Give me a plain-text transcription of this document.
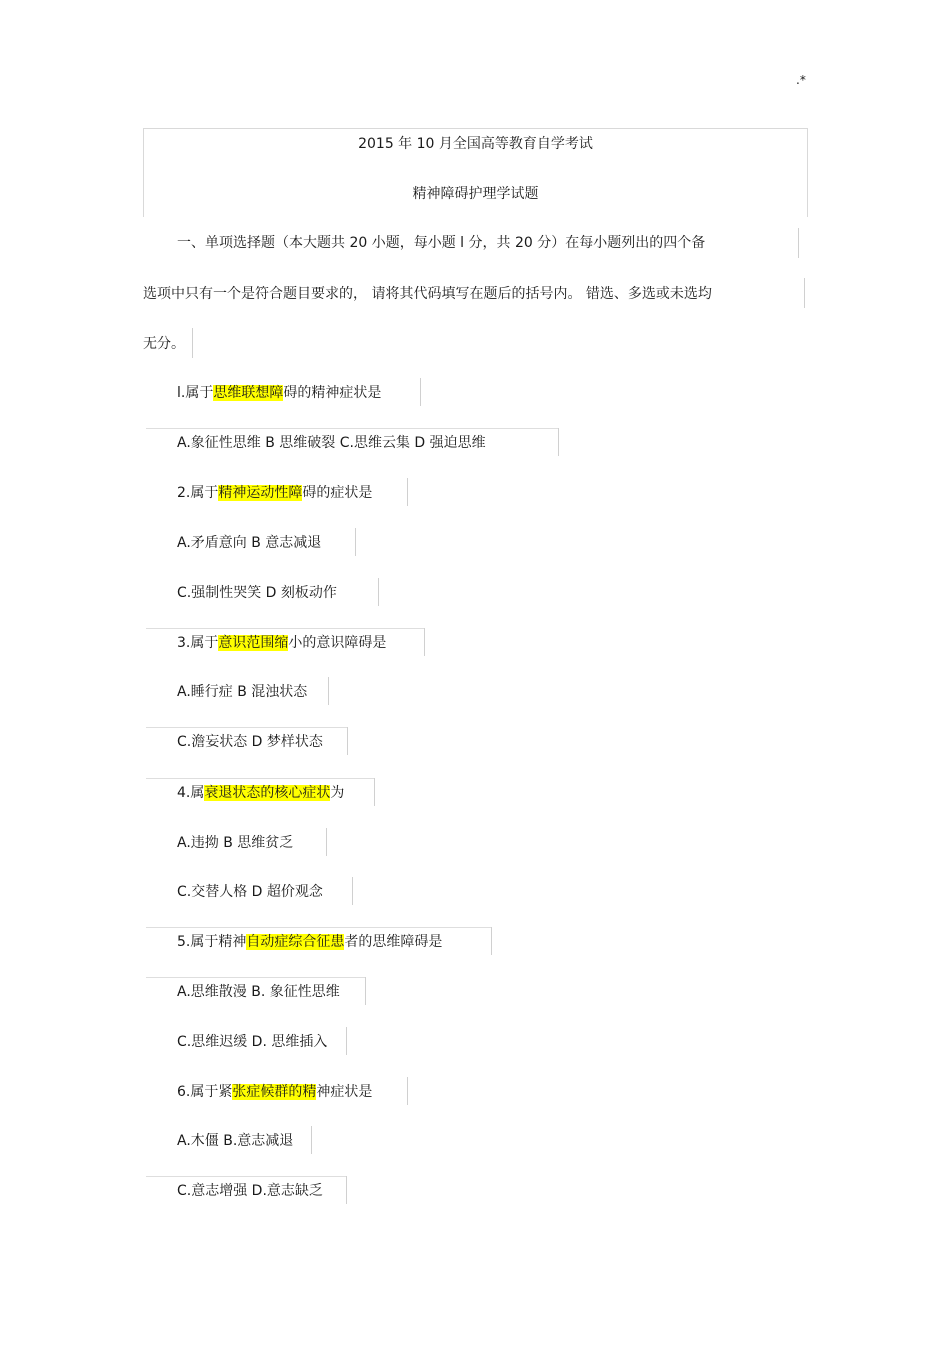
.*
2015 年 10 月全国高等教育自学考试
精神障碍护理学试题
一、单项选择题（本大题共 20 小题，每小题 l 分，共 20 分）在每小题列出的四个备
选项中只有一个是符合题目要求的， 请将其代码填写在题后的括号内。 错选、多选或未选均
无分。
l.属于思维联想障碍的精神症状是
A.象征性思维 B 思维破裂 C.思维云集 D 强迫思维
2.属于精神运动性障碍的症状是
A.矛盾意向 B 意志减退
C.强制性哭笑 D 刻板动作
3.属于意识范围缩小的意识障碍是
A.睡行症 B 混浊状态
C.澹妄状态 D 梦样状态
4.属衰退状态的核心症状为
A.违拗 B 思维贫乏
C.交替人格 D 超价观念
5.属于精神自动症综合征患者的思维障碍是
A.思维散漫 B. 象征性思维
C.思维迟缓 D. 思维插入
6.属于紧张症候群的精神症状是
A.木僵 B.意志减退
C.意志增强 D.意志缺乏
